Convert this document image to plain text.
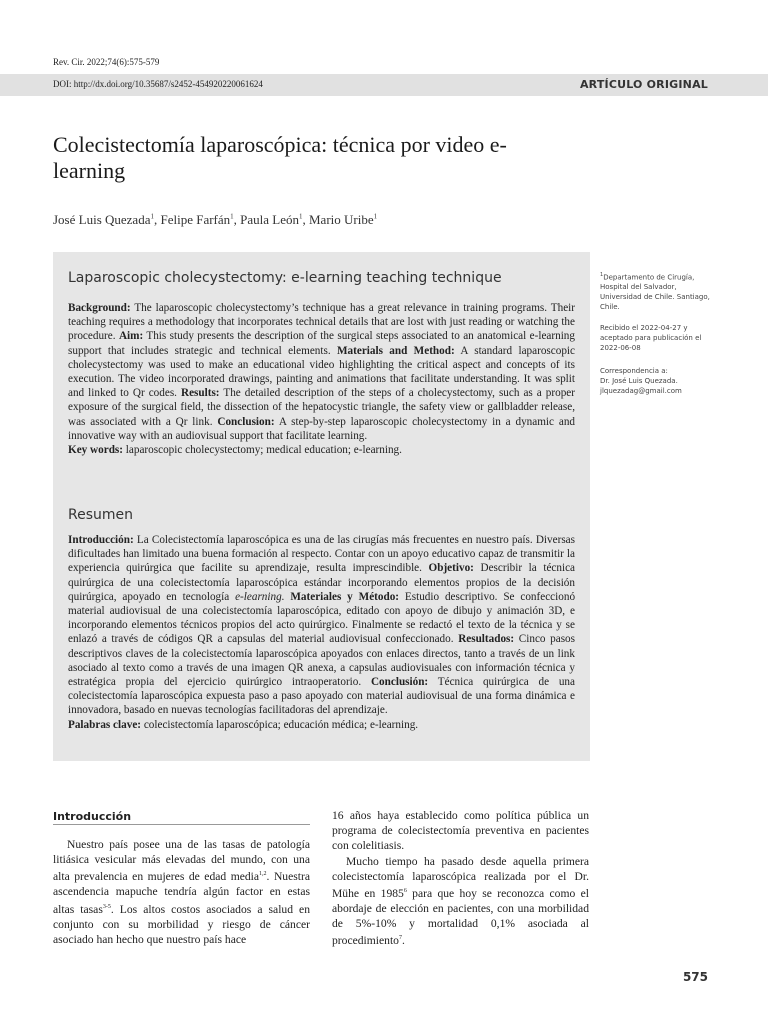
Rev. Cir. 2022;74(6):575-579
DOI: http://dx.doi.org/10.35687/s2452-454920220061624	ARTÍCULO ORIGINAL
Colecistectomía laparoscópica: técnica por video e-learning
José Luis Quezada$^1$, Felipe Farfán$^1$, Paula León$^1$, Mario Uribe$^1$
Laparoscopic cholecystectomy: e-learning teaching technique
Background: The laparoscopic cholecystectomy’s technique has a great relevance in training programs. Their teaching requires a methodology that incorporates technical details that are lost with just reading or watching the procedure. Aim: This study presents the description of the surgical steps associated to an anatomical e-learning support that includes strategic and technical elements. Materials and Method: A standard laparoscopic cholecystectomy was used to make an educational video highlighting the critical aspect and concepts of its execution. The video incorporated drawings, painting and animations that facilitate understanding. It was split and linked to Qr codes. Results: The detailed description of the steps of a cholecystectomy, such as a proper exposure of the surgical field, the dissection of the hepatocystic triangle, the safety view or gallbladder release, was associated with a Qr link. Conclusion: A step-by-step laparoscopic cholecystectomy in a dynamic and innovative way with an audiovisual support that facilitate learning.
Key words: laparoscopic cholecystectomy; medical education; e-learning.
Resumen
Introducción: La Colecistectomía laparoscópica es una de las cirugías más frecuentes en nuestro país. Diversas dificultades han limitado una buena formación al respecto. Contar con un apoyo educativo capaz de transmitir la experiencia quirúrgica que facilite su aprendizaje, resulta imprescindible. Objetivo: Describir la técnica quirúrgica de una colecistectomía laparoscópica estándar incorporando elementos propios de la decisión quirúrgica, apoyado en tecnología e-learning. Materiales y Método: Estudio descriptivo. Se confeccionó material audiovisual de una colecistectomía laparoscópica, editado con apoyo de dibujo y animación 3D, e incorporando elementos técnicos propios del acto quirúrgico. Finalmente se redactó el texto de la técnica y se enlazó a través de códigos QR a capsulas del material audiovisual confeccionado. Resultados: Cinco pasos descriptivos claves de la colecistectomía laparoscópica apoyados con enlaces directos, tanto a través de un link asociado al texto como a través de una imagen QR anexa, a capsulas audiovisuales con información técnica y estratégica propia del ejercicio quirúrgico intraoperatorio. Conclusión: Técnica quirúrgica de una colecistectomía laparoscópica expuesta paso a paso apoyado con material audiovisual de una forma dinámica e innovadora, basado en nuevas tecnologías facilitadoras del aprendizaje.
Palabras clave: colecistectomía laparoscópica; educación médica; e-learning.
$^1$Departamento de Cirugía, Hospital del Salvador, Universidad de Chile. Santiago, Chile.
Recibido el 2022-04-27 y aceptado para publicación el 2022-06-08
Correspondencia a:
Dr. José Luis Quezada.
jlquezadag@gmail.com
Introducción

Nuestro país posee una de las tasas de patología litiásica vesicular más elevadas del mundo, con una alta prevalencia en mujeres de edad media$^{1,2}$. Nuestra ascendencia mapuche tendría algún factor en estas altas tasas$^{3-5}$. Los altos costos asociados a salud en conjunto con su morbilidad y riesgo de cáncer asociado han hecho que nuestro país hace

16 años haya establecido como política pública un programa de colecistectomía preventiva en pacientes con colelitiasis.

Mucho tiempo ha pasado desde aquella primera colecistectomía laparoscópica realizada por el Dr. Mühe en 1985$^6$ para que hoy se reconozca como el abordaje de elección en pacientes, con una morbilidad de 5%-10% y mortalidad 0,1% asociada al procedimiento$^7$.

575
